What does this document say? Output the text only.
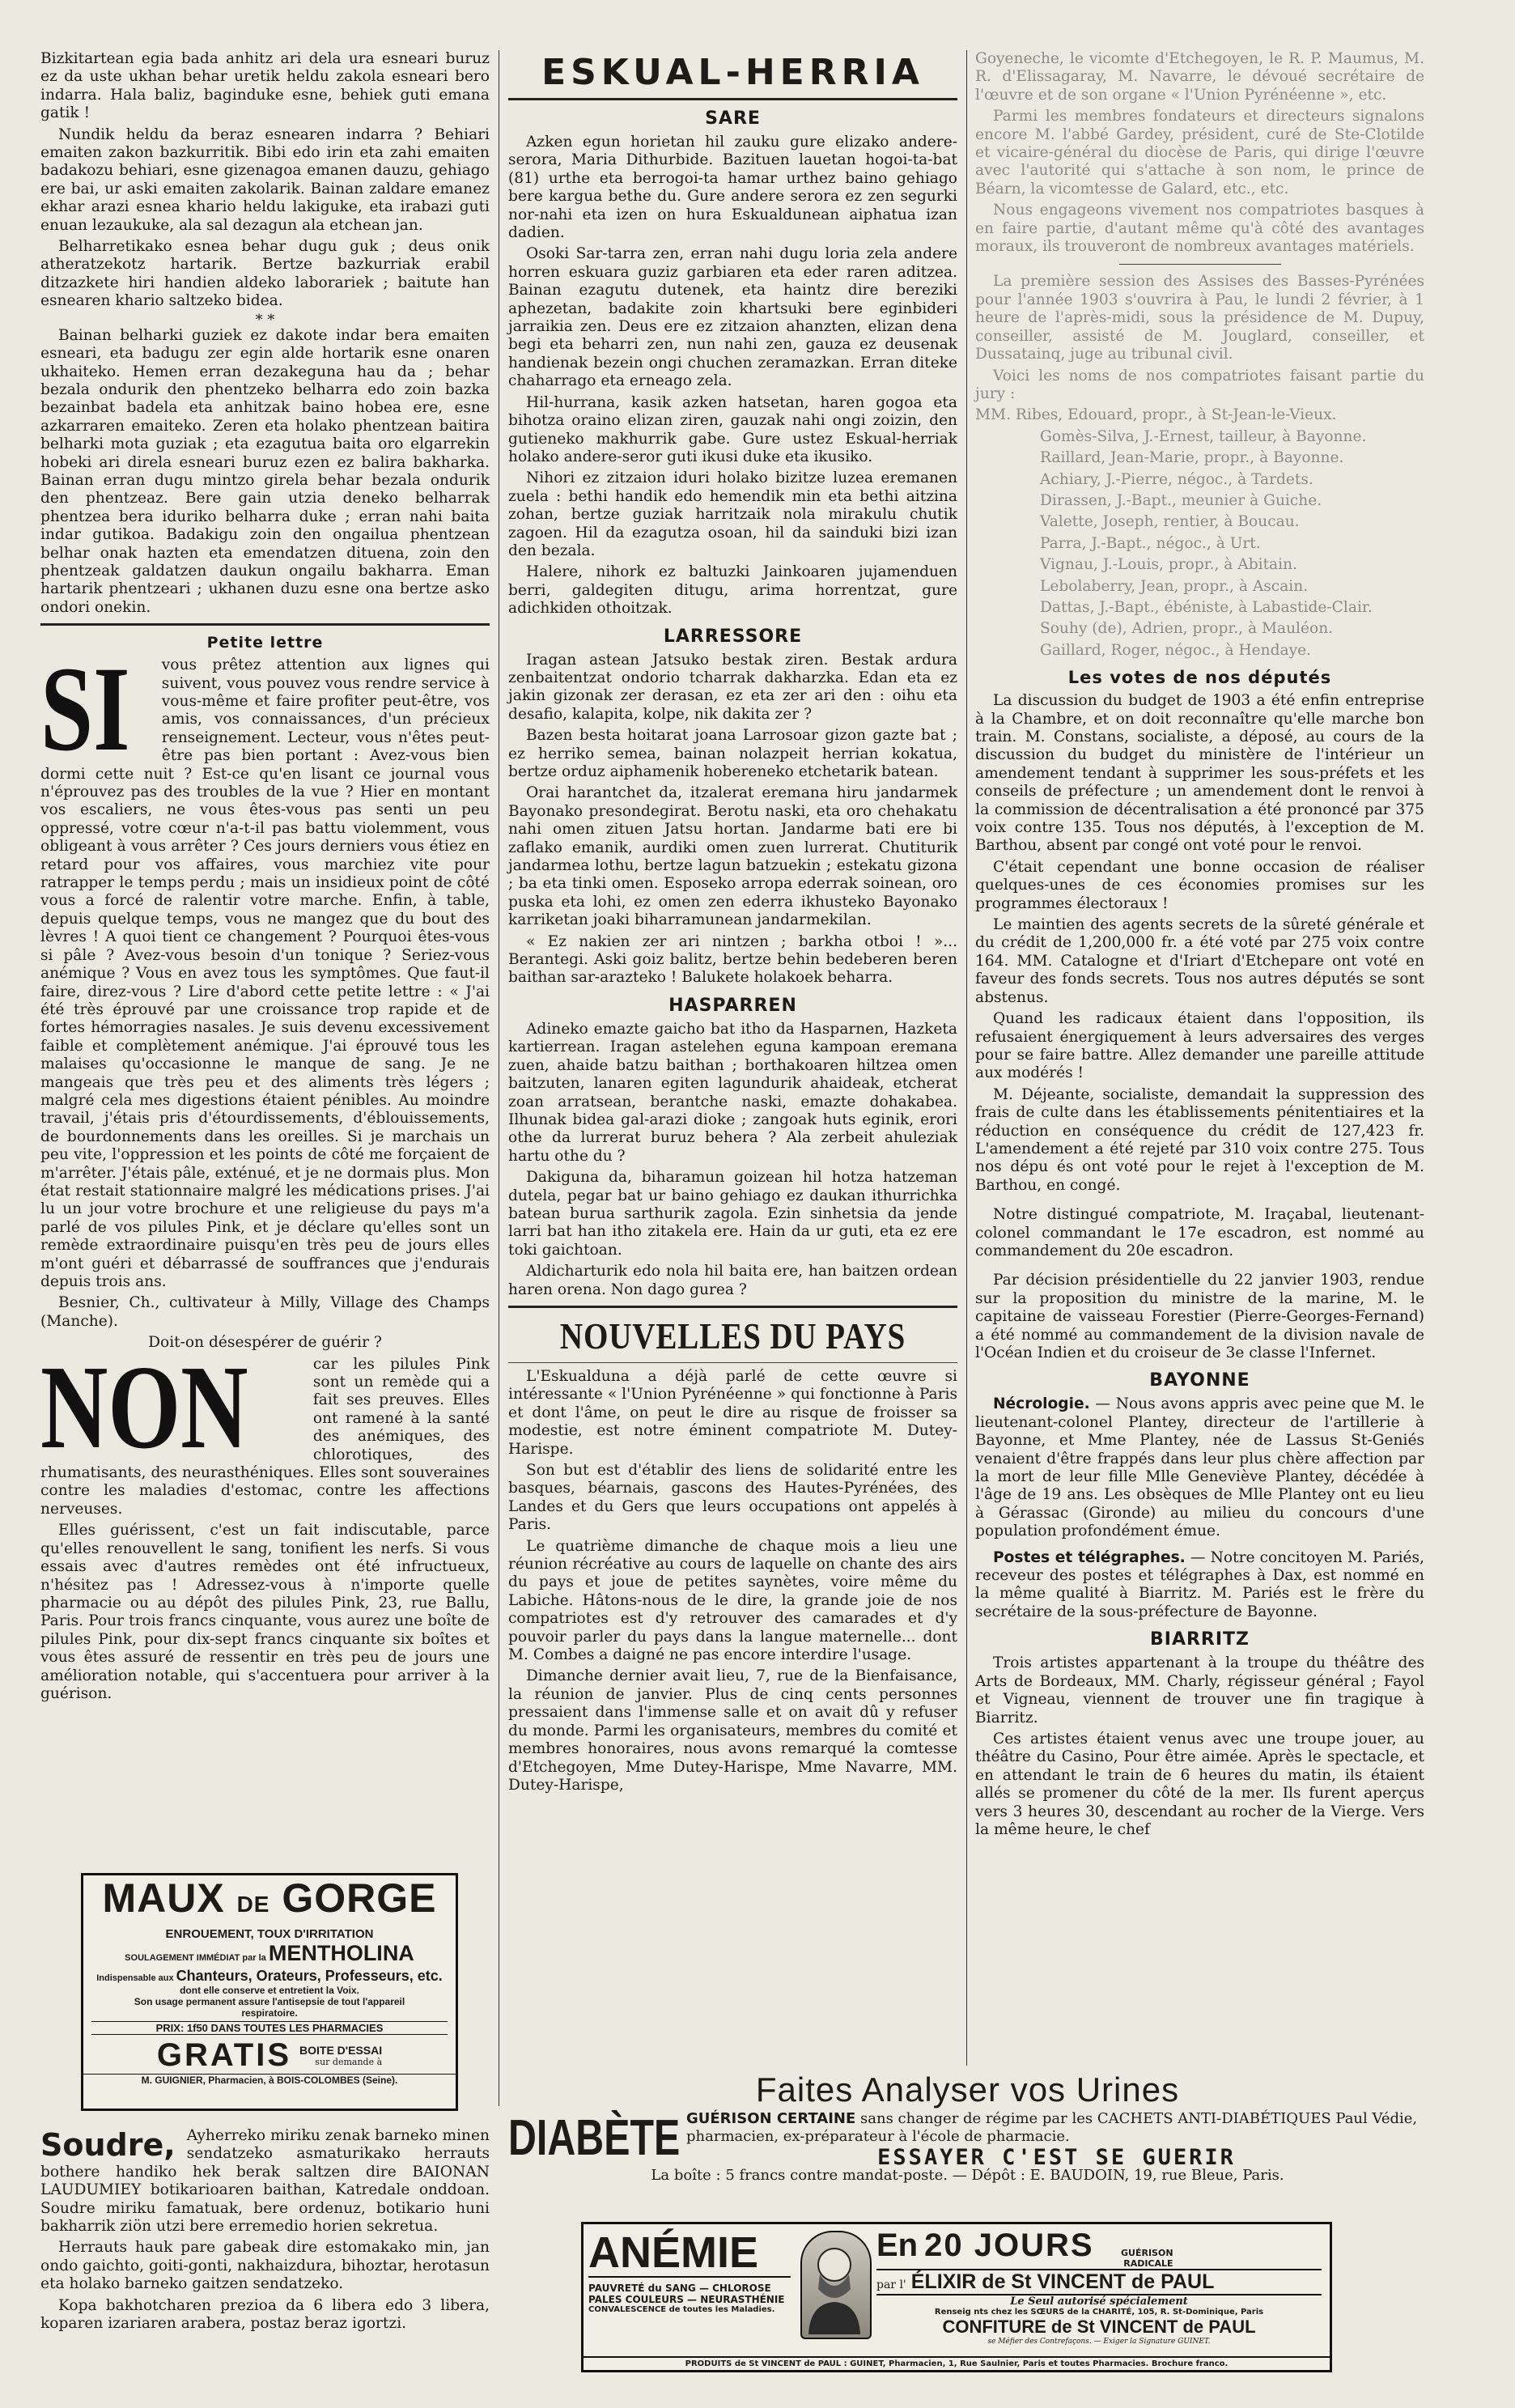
Bizkitartean egia bada anhitz ari dela ura esneari buruz ez da uste ukhan behar uretik heldu zakola esneari bero indarra. Hala baliz, baginduke esne, behiek guti emana gatik !

Nundik heldu da beraz esnearen indarra ? Behiari emaiten zakon bazkurritik. Bibi edo irin eta zahi emaiten badakozu behiari, esne gizenagoa emanen dauzu, gehiago ere bai, ur aski emaiten zakolarik. Bainan zaldare emanez ekhar arazi esnea khario heldu lakiguke, eta irabazi guti enuan lezaukuke, ala sal dezagun ala etchean jan.

Belharretikako esnea behar dugu guk ; deus onik atheratzekotz hartarik. Bertze bazkurriak erabil ditzazkete hiri handien aldeko laborariek ; baitute han esnearen khario saltzeko bidea.

* *

Bainan belharki guziek ez dakote indar bera emaiten esneari, eta badugu zer egin alde hortarik esne onaren ukhaiteko. Hemen erran dezakeguna hau da ; behar bezala ondurik den phentzeko belharra edo zoin bazka bezainbat badela eta anhitzak baino hobea ere, esne azkarraren emaiteko. Zeren eta holako phentzean baitira belharki mota guziak ; eta ezagutua baita oro elgarrekin hobeki ari direla esneari buruz ezen ez balira bakharka. Bainan erran dugu mintzo girela behar bezala ondurik den phentzeaz. Bere gain utzia deneko belharrak phentzea bera iduriko belharra duke ; erran nahi baita indar gutikoa. Badakigu zoin den ongailua phentzean belhar onak hazten eta emendatzen dituena, zoin den phentzeak galdatzen daukun ongailu bakharra. Eman hartarik phentzeari ; ukhanen duzu esne ona bertze asko ondori onekin.

Petite lettre
SI	vous prêtez attention aux lignes qui suivent, vous pouvez vous rendre service à vous-même et faire profiter peut-être, vos amis, vos connaissances, d'un précieux renseignement. Lecteur, vous n'êtes peut-être pas bien portant : Avez-vous bien dormi cette nuit ? Est-ce qu'en lisant ce journal vous n'éprouvez pas des troubles de la vue ? Hier en montant vos escaliers, ne vous êtes-vous pas senti un peu oppressé, votre cœur n'a-t-il pas battu violemment, vous obligeant à vous arrêter ? Ces jours derniers vous étiez en retard pour vos affaires, vous marchiez vite pour ratrapper le temps perdu ; mais un insidieux point de côté vous a forcé de ralentir votre marche. Enfin, à table, depuis quelque temps, vous ne mangez que du bout des lèvres ! A quoi tient ce changement ? Pourquoi êtes-vous si pâle ? Avez-vous besoin d'un tonique ? Seriez-vous anémique ? Vous en avez tous les symptômes. Que faut-il faire, direz-vous ? Lire d'abord cette petite lettre : « J'ai été très éprouvé par une croissance trop rapide et de fortes hémorragies nasales. Je suis devenu excessivement faible et complètement anémique. J'ai éprouvé tous les malaises qu'occasionne le manque de sang. Je ne mangeais que très peu et des aliments très légers ; malgré cela mes digestions étaient pénibles. Au moindre travail, j'étais pris d'étourdissements, d'éblouissements, de bourdonnements dans les oreilles. Si je marchais un peu vite, l'oppression et les points de côté me forçaient de m'arrêter. J'étais pâle, exténué, et je ne dormais plus. Mon état restait stationnaire malgré les médications prises. J'ai lu un jour votre brochure et une religieuse du pays m'a parlé de vos pilules Pink, et je déclare qu'elles sont un remède extraordinaire puisqu'en très peu de jours elles m'ont guéri et débarrassé de souffrances que j'endurais depuis trois ans.

Besnier, Ch., cultivateur à Milly, Village des Champs (Manche).

Doit-on désespérer de guérir ?

NON	car les pilules Pink sont un remède qui a fait ses preuves. Elles ont ramené à la santé des anémiques, des chlorotiques, des rhumatisants, des neurasthéniques. Elles sont souveraines contre les maladies d'estomac, contre les affections nerveuses.

Elles guérissent, c'est un fait indiscutable, parce qu'elles renouvellent le sang, tonifient les nerfs. Si vous essais avec d'autres remèdes ont été infructueux, n'hésitez pas ! Adressez-vous à n'importe quelle pharmacie ou au dépôt des pilules Pink, 23, rue Ballu, Paris. Pour trois francs cinquante, vous aurez une boîte de pilules Pink, pour dix-sept francs cinquante six boîtes et vous êtes assuré de ressentir en très peu de jours une amélioration notable, qui s'accentuera pour arriver à la guérison.

MAUX DE GORGE
ENROUEMENT, TOUX D'IRRITATION
SOULAGEMENT IMMÉDIAT par la MENTHOLINA
Indispensable aux Chanteurs, Orateurs, Professeurs, etc.
dont elle conserve et entretient la Voix.
Son usage permanent assure l'antisepsie de tout l'appareil respiratoire.
PRIX: 1f50 DANS TOUTES LES PHARMACIES
GRATIS BOITE D'ESSAI
sur demande à
M. GUIGNIER, Pharmacien, à BOIS-COLOMBES (Seine).
Soudre, Ayherreko miriku zenak barneko minen sendatzeko asmaturikako herrauts bothere handiko hek berak saltzen dire BAIONAN LAUDUMIEY botikarioaren baithan, Katredale onddoan. Soudre miriku famatuak, bere ordenuz, botikario huni bakharrik ziön utzi bere erremedio horien sekretua.

Herrauts hauk pare gabeak dire estomakako min, jan ondo gaichto, goiti-gonti, nakhaizdura, bihoztar, herotasun eta holako barneko gaitzen sendatzeko.

Kopa bakhotcharen prezioa da 6 libera edo 3 libera, koparen izariaren arabera, postaz beraz igortzi.

ESKUAL-HERRIA
SARE

Azken egun horietan hil zauku gure elizako andere-serora, Maria Dithurbide. Bazituen lauetan hogoi-ta-bat (81) urthe eta berrogoi-ta hamar urthez baino gehiago bere kargua bethe du. Gure andere serora ez zen segurki nor-nahi eta izen on hura Eskualdunean aiphatua izan dadien.

Osoki Sar-tarra zen, erran nahi dugu loria zela andere horren eskuara guziz garbiaren eta eder raren aditzea. Bainan ezagutu dutenek, eta haintz dire bereziki aphezetan, badakite zoin khartsuki bere eginbideri jarraikia zen. Deus ere ez zitzaion ahanzten, elizan dena begi eta beharri zen, nun nahi zen, gauza ez deusenak handienak bezein ongi chuchen zeramazkan. Erran diteke chaharrago eta erneago zela.

Hil-hurrana, kasik azken hatsetan, haren gogoa eta bihotza oraino elizan ziren, gauzak nahi ongi zoizin, den gutieneko makhurrik gabe. Gure ustez Eskual-herriak holako andere-seror guti ikusi duke eta ikusiko.

Nihori ez zitzaion iduri holako bizitze luzea eremanen zuela : bethi handik edo hemendik min eta bethi aitzina zohan, bertze guziak harritzaik nola mirakulu chutik zagoen. Hil da ezagutza osoan, hil da sainduki bizi izan den bezala.

Halere, nihork ez baltuzki Jainkoaren jujamenduen berri, galdegiten ditugu, arima horrentzat, gure adichkiden othoitzak.

LARRESSORE

Iragan astean Jatsuko bestak ziren. Bestak ardura zenbaitentzat ondorio tcharrak dakharzka. Edan eta ez jakin gizonak zer derasan, ez eta zer ari den : oihu eta desafio, kalapita, kolpe, nik dakita zer ?

Bazen besta hoitarat joana Larrosoar gizon gazte bat ; ez herriko semea, bainan nolazpeit herrian kokatua, bertze orduz aiphamenik hobereneko etchetarik batean.

Orai harantchet da, itzalerat eremana hiru jandarmek Bayonako presondegirat. Berotu naski, eta oro chehakatu nahi omen zituen Jatsu hortan. Jandarme bati ere bi zaflako emanik, aurdiki omen zuen lurrerat. Chutiturik jandarmea lothu, bertze lagun batzuekin ; estekatu gizona ; ba eta tinki omen. Esposeko arropa ederrak soinean, oro puska eta lohi, ez omen zen ederra ikhusteko Bayonako karriketan joaki biharramunean jandarmekilan.

« Ez nakien zer ari nintzen ; barkha otboi ! »... Berantegi. Aski goiz balitz, bertze behin bedeberen beren baithan sar-arazteko ! Balukete holakoek beharra.

HASPARREN

Adineko emazte gaicho bat itho da Hasparnen, Hazketa kartierrean. Iragan astelehen eguna kampoan eremana zuen, ahaide batzu baithan ; borthakoaren hiltzea omen baitzuten, lanaren egiten lagundurik ahaideak, etcherat zoan arratsean, berantche naski, emazte dohakabea. Ilhunak bidea gal-arazi dioke ; zangoak huts eginik, erori othe da lurrerat buruz behera ? Ala zerbeit ahuleziak hartu othe du ?

Dakiguna da, biharamun goizean hil hotza hatzeman dutela, pegar bat ur baino gehiago ez daukan ithurrichka batean burua sarthurik zagola. Ezin sinhetsia da jende larri bat han itho zitakela ere. Hain da ur guti, eta ez ere toki gaichtoan.

Aldicharturik edo nola hil baita ere, han baitzen ordean haren orena. Non dago gurea ?

NOUVELLES DU PAYS

L'Eskualduna a déjà parlé de cette œuvre si intéressante « l'Union Pyrénéenne » qui fonctionne à Paris et dont l'âme, on peut le dire au risque de froisser sa modestie, est notre éminent compatriote M. Dutey-Harispe.

Son but est d'établir des liens de solidarité entre les basques, béarnais, gascons des Hautes-Pyrénées, des Landes et du Gers que leurs occupations ont appelés à Paris.

Le quatrième dimanche de chaque mois a lieu une réunion récréative au cours de laquelle on chante des airs du pays et joue de petites saynètes, voire même du Labiche. Hâtons-nous de le dire, la grande joie de nos compatriotes est d'y retrouver des camarades et d'y pouvoir parler du pays dans la langue maternelle... dont M. Combes a daigné ne pas encore interdire l'usage.

Dimanche dernier avait lieu, 7, rue de la Bienfaisance, la réunion de janvier. Plus de cinq cents personnes pressaient dans l'immense salle et on avait dû y refuser du monde. Parmi les organisateurs, membres du comité et membres honoraires, nous avons remarqué la comtesse d'Etchegoyen, Mme Dutey-Harispe, Mme Navarre, MM. Dutey-Harispe,

Goyeneche, le vicomte d'Etchegoyen, le R. P. Maumus, M. R. d'Elissagaray, M. Navarre, le dévoué secrétaire de l'œuvre et de son organe « l'Union Pyrénéenne », etc.

Parmi les membres fondateurs et directeurs signalons encore M. l'abbé Gardey, président, curé de Ste-Clotilde et vicaire-général du diocèse de Paris, qui dirige l'œuvre avec l'autorité qui s'attache à son nom, le prince de Béarn, la vicomtesse de Galard, etc., etc.

Nous engageons vivement nos compatriotes basques à en faire partie, d'autant même qu'à côté des avantages moraux, ils trouveront de nombreux avantages matériels.

La première session des Assises des Basses-Pyrénées pour l'année 1903 s'ouvrira à Pau, le lundi 2 février, à 1 heure de l'après-midi, sous la présidence de M. Dupuy, conseiller, assisté de M. Jouglard, conseiller, et Dussatainq, juge au tribunal civil.

Voici les noms de nos compatriotes faisant partie du jury :

MM. Ribes, Edouard, propr., à St-Jean-le-Vieux.

Gomès-Silva, J.-Ernest, tailleur, à Bayonne.

Raillard, Jean-Marie, propr., à Bayonne.

Achiary, J.-Pierre, négoc., à Tardets.

Dirassen, J.-Bapt., meunier à Guiche.

Valette, Joseph, rentier, à Boucau.

Parra, J.-Bapt., négoc., à Urt.

Vignau, J.-Louis, propr., à Abitain.

Lebolaberry, Jean, propr., à Ascain.

Dattas, J.-Bapt., ébéniste, à Labastide-Clair.

Souhy (de), Adrien, propr., à Mauléon.

Gaillard, Roger, négoc., à Hendaye.

Les votes de nos députés

La discussion du budget de 1903 a été enfin entreprise à la Chambre, et on doit reconnaître qu'elle marche bon train. M. Constans, socialiste, a déposé, au cours de la discussion du budget du ministère de l'intérieur un amendement tendant à supprimer les sous-préfets et les conseils de préfecture ; un amendement dont le renvoi à la commission de décentralisation a été prononcé par 375 voix contre 135. Tous nos députés, à l'exception de M. Barthou, absent par congé ont voté pour le renvoi.

C'était cependant une bonne occasion de réaliser quelques-unes de ces économies promises sur les programmes électoraux !

Le maintien des agents secrets de la sûreté générale et du crédit de 1,200,000 fr. a été voté par 275 voix contre 164. MM. Catalogne et d'Iriart d'Etchepare ont voté en faveur des fonds secrets. Tous nos autres députés se sont abstenus.

Quand les radicaux étaient dans l'opposition, ils refusaient énergiquement à leurs adversaires des verges pour se faire battre. Allez demander une pareille attitude aux modérés !

M. Déjeante, socialiste, demandait la suppression des frais de culte dans les établissements pénitentiaires et la réduction en conséquence du crédit de 127,423 fr. L'amendement a été rejeté par 310 voix contre 275. Tous nos dépu és ont voté pour le rejet à l'exception de M. Barthou, en congé.

Notre distingué compatriote, M. Iraçabal, lieutenant-colonel commandant le 17e escadron, est nommé au commandement du 20e escadron.

Par décision présidentielle du 22 janvier 1903, rendue sur la proposition du ministre de la marine, M. le capitaine de vaisseau Forestier (Pierre-Georges-Fernand) a été nommé au commandement de la division navale de l'Océan Indien et du croiseur de 3e classe l'Infernet.

BAYONNE

Nécrologie. — Nous avons appris avec peine que M. le lieutenant-colonel Plantey, directeur de l'artillerie à Bayonne, et Mme Plantey, née de Lassus St-Geniés venaient d'être frappés dans leur plus chère affection par la mort de leur fille Mlle Geneviève Plantey, décédée à l'âge de 19 ans. Les obsèques de Mlle Plantey ont eu lieu à Gérassac (Gironde) au milieu du concours d'une population profondément émue.

Postes et télégraphes. — Notre concitoyen M. Pariés, receveur des postes et télégraphes à Dax, est nommé en la même qualité à Biarritz. M. Pariés est le frère du secrétaire de la sous-préfecture de Bayonne.

BIARRITZ

Trois artistes appartenant à la troupe du théâtre des Arts de Bordeaux, MM. Charly, régisseur général ; Fayol et Vigneau, viennent de trouver une fin tragique à Biarritz.

Ces artistes étaient venus avec une troupe jouer, au théâtre du Casino, Pour être aimée. Après le spectacle, et en attendant le train de 6 heures du matin, ils étaient allés se promener du côté de la mer. Ils furent aperçus vers 3 heures 30, descendant au rocher de la Vierge. Vers la même heure, le chef

Faites Analyser vos Urines
DIABÈTE GUÉRISON CERTAINE sans changer de régime par les CACHETS ANTI-DIABÉTIQUES Paul Védie, pharmacien, ex-préparateur à l'école de pharmacie.
ESSAYER C'EST SE GUERIR
La boîte : 5 francs contre mandat-poste. — Dépôt : E. BAUDOIN, 19, rue Bleue, Paris.
ANÉMIE
PAUVRETÉ du SANG — CHLOROSE
PALES COULEURS — NEURASTHÉNIE
CONVALESCENCE de toutes les Maladies.
En 20 JOURS	GUÉRISON RADICALE
par l' ÉLIXIR de St VINCENT de PAUL
Le Seul autorisé spécialement
Renseig nts chez les SŒURS de la CHARITÉ, 105, R. St-Dominique, Paris
CONFITURE de St VINCENT de PAUL
se Méfier des Contrefaçons. — Exiger la Signature GUINET.
PRODUITS de St VINCENT de PAUL : GUINET, Pharmacien, 1, Rue Saulnier, Paris et toutes Pharmacies. Brochure franco.
